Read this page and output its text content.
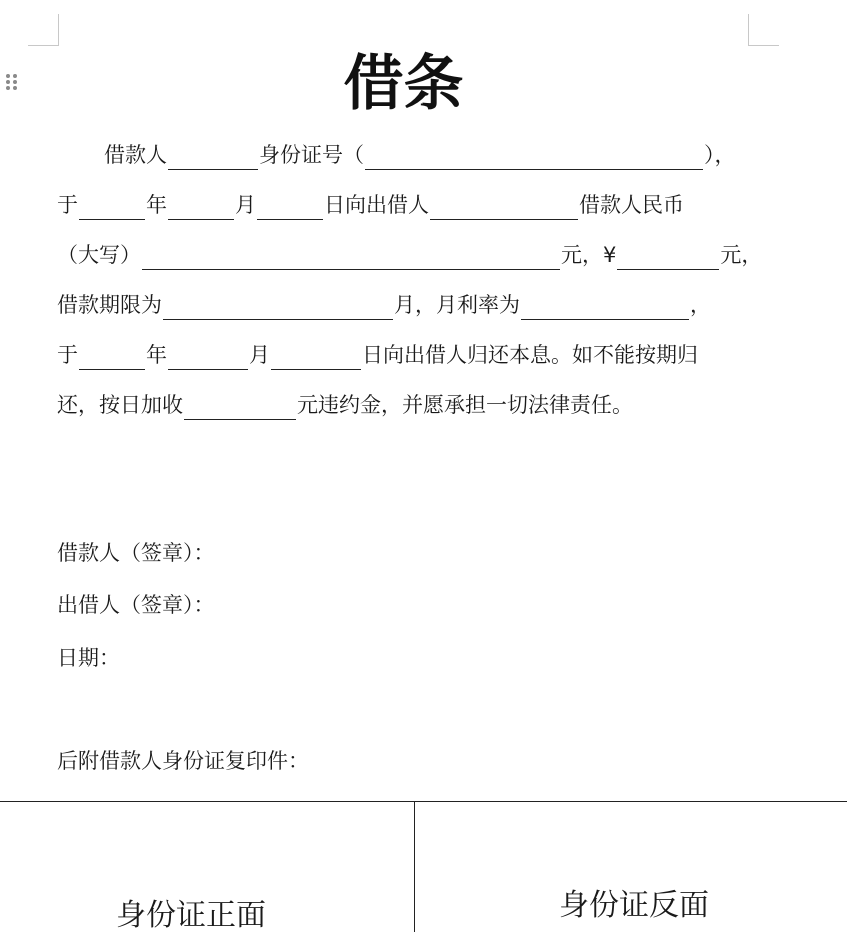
借条
借款人	身份证号（	），
于	年	月	日向出借人	借款人民币
（大写）	元，¥	元，
借款期限为	月，月利率为	，
于	年	月	日向出借人归还本息。如不能按期归
还，按日加收	元违约金，并愿承担一切法律责任。
借款人（签章）：
出借人（签章）：
日期：
后附借款人身份证复印件：
身份证正面	身份证反面
